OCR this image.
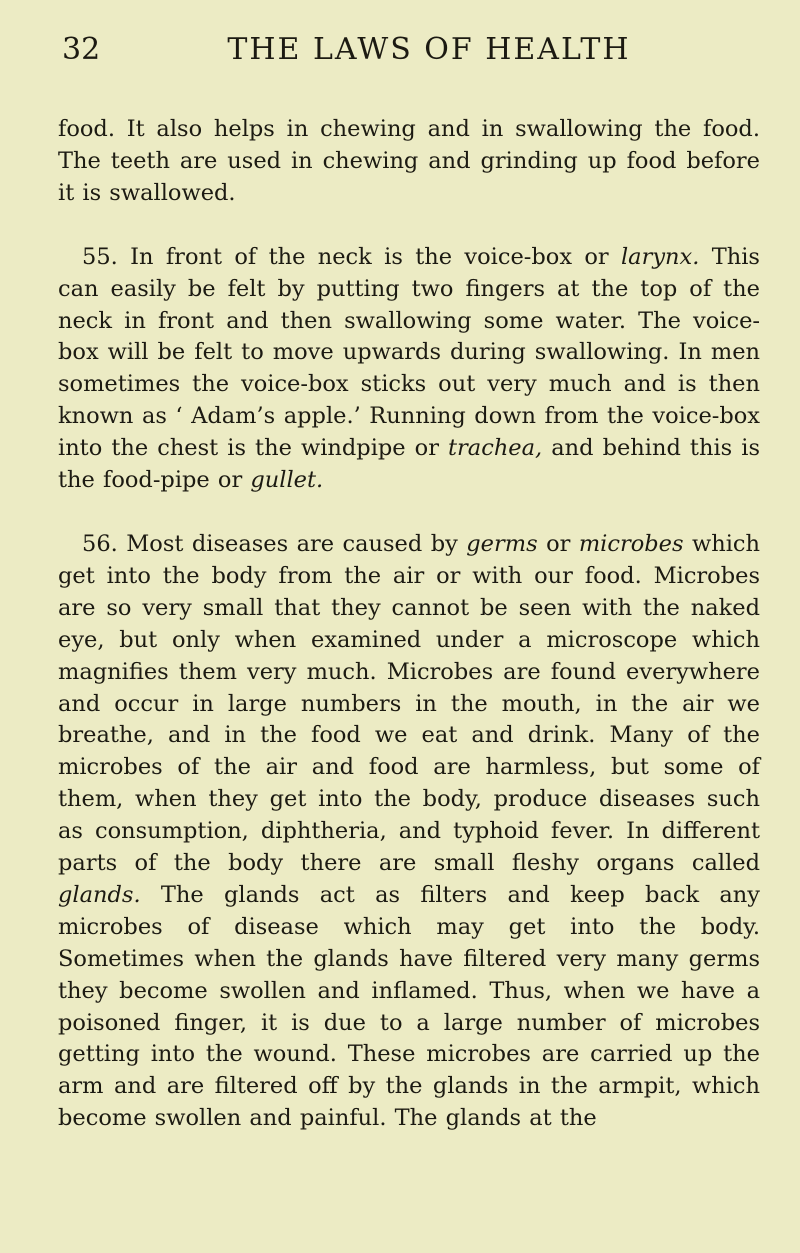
32	THE LAWS OF HEALTH

food. It also helps in chewing and in swallowing the food. The teeth are used in chewing and grinding up food before it is swallowed.

55. In front of the neck is the voice-box or larynx. This can easily be felt by putting two fingers at the top of the neck in front and then swallowing some water. The voice-box will be felt to move upwards during swallowing. In men sometimes the voice-box sticks out very much and is then known as ‘ Adam’s apple.’ Running down from the voice-box into the chest is the windpipe or trachea, and behind this is the food-pipe or gullet.

56. Most diseases are caused by germs or microbes which get into the body from the air or with our food. Microbes are so very small that they cannot be seen with the naked eye, but only when examined under a microscope which magnifies them very much. Microbes are found everywhere and occur in large numbers in the mouth, in the air we breathe, and in the food we eat and drink. Many of the microbes of the air and food are harmless, but some of them, when they get into the body, produce diseases such as consumption, diphtheria, and typhoid fever. In different parts of the body there are small fleshy organs called glands. The glands act as filters and keep back any microbes of disease which may get into the body. Sometimes when the glands have filtered very many germs they become swollen and inflamed. Thus, when we have a poisoned finger, it is due to a large number of microbes getting into the wound. These microbes are carried up the arm and are filtered off by the glands in the armpit, which become swollen and painful. The glands at the
